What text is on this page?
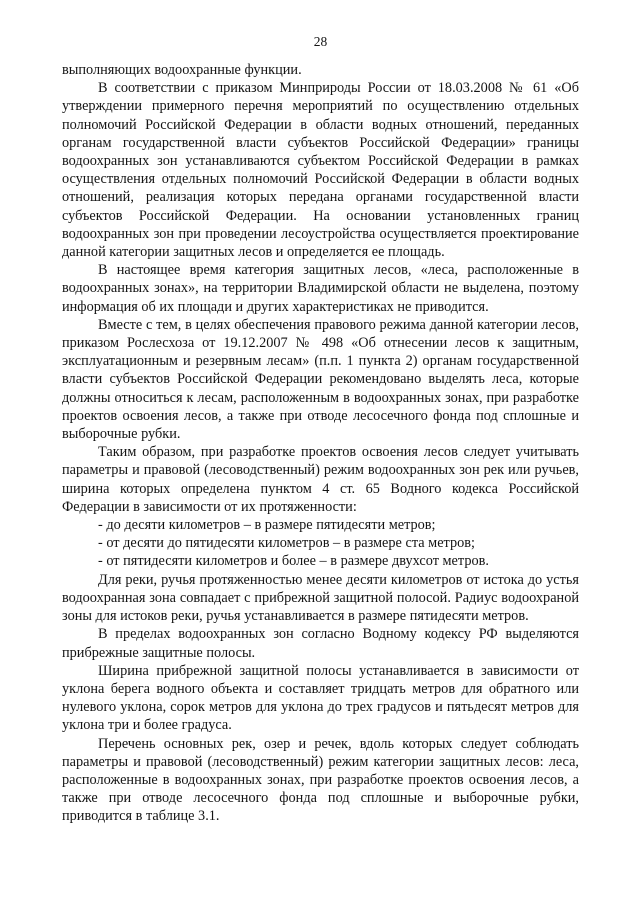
28

выполняющих водоохранные функции.

В соответствии с приказом Минприроды России от 18.03.2008 № 61 «Об утверждении примерного перечня мероприятий по осуществлению отдельных полномочий Российской Федерации в области водных отношений, переданных органам государственной власти субъектов Российской Федерации» границы водоохранных зон устанавливаются субъектом Российской Федерации в рамках осуществления отдельных полномочий Российской Федерации в области водных отношений, реализация которых передана органами государственной власти субъектов Российской Федерации. На основании установленных границ водоохранных зон при проведении лесоустройства осуществляется проектирование данной категории защитных лесов и определяется ее площадь.

В настоящее время категория защитных лесов, «леса, расположенные в водоохранных зонах», на территории Владимирской области не выделена, поэтому информация об их площади и других характеристиках не приводится.

Вместе с тем, в целях обеспечения правового режима данной категории лесов, приказом Рослесхоза от 19.12.2007 № 498 «Об отнесении лесов к защитным, эксплуатационным и резервным лесам» (п.п. 1 пункта 2) органам государственной власти субъектов Российской Федерации рекомендовано выделять леса, которые должны относиться к лесам, расположенным в водоохранных зонах, при разработке проектов освоения лесов, а также при отводе лесосечного фонда под сплошные и выборочные рубки.

Таким образом, при разработке проектов освоения лесов следует учитывать параметры и правовой (лесоводственный) режим водоохранных зон рек или ручьев, ширина которых определена пунктом 4 ст. 65 Водного кодекса Российской Федерации в зависимости от их протяженности:

- до десяти километров – в размере пятидесяти метров;

- от десяти до пятидесяти километров – в размере ста метров;

- от пятидесяти километров и более – в размере двухсот метров.

Для реки, ручья протяженностью менее десяти километров от истока до устья водоохранная зона совпадает с прибрежной защитной полосой. Радиус водоохраной зоны для истоков реки, ручья устанавливается в размере пятидесяти метров.

В пределах водоохранных зон согласно Водному кодексу РФ выделяются прибрежные защитные полосы.

Ширина прибрежной защитной полосы устанавливается в зависимости от уклона берега водного объекта и составляет тридцать метров для обратного или нулевого уклона, сорок метров для уклона до трех градусов и пятьдесят метров для уклона три и более градуса.

Перечень основных рек, озер и речек, вдоль которых следует соблюдать параметры и правовой (лесоводственный) режим категории защитных лесов: леса, расположенные в водоохранных зонах, при разработке проектов освоения лесов, а также при отводе лесосечного фонда под сплошные и выборочные рубки, приводится в таблице 3.1.
